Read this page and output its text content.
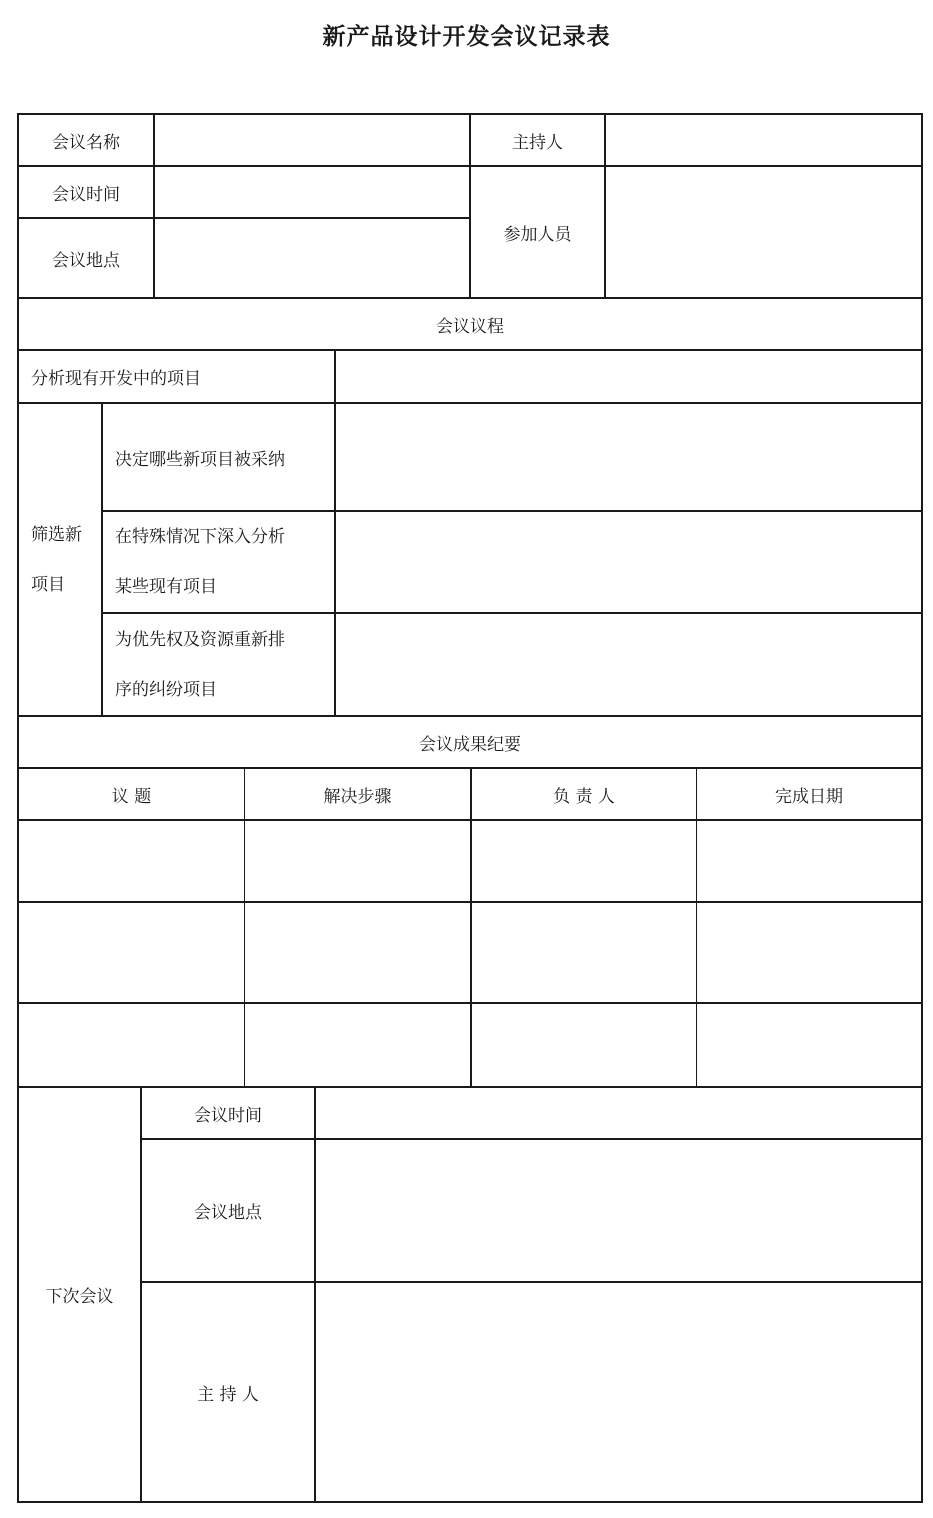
新产品设计开发会议记录表
会议名称	主持人
会议时间
参加人员
会议地点
会议议程
分析现有开发中的项目
筛选新
项目
决定哪些新项目被采纳
在特殊情况下深入分析
某些现有项目
为优先权及资源重新排
序的纠纷项目
会议成果纪要
议 题	解决步骤	负 责 人	完成日期
下次会议
会议时间
会议地点
主 持 人
